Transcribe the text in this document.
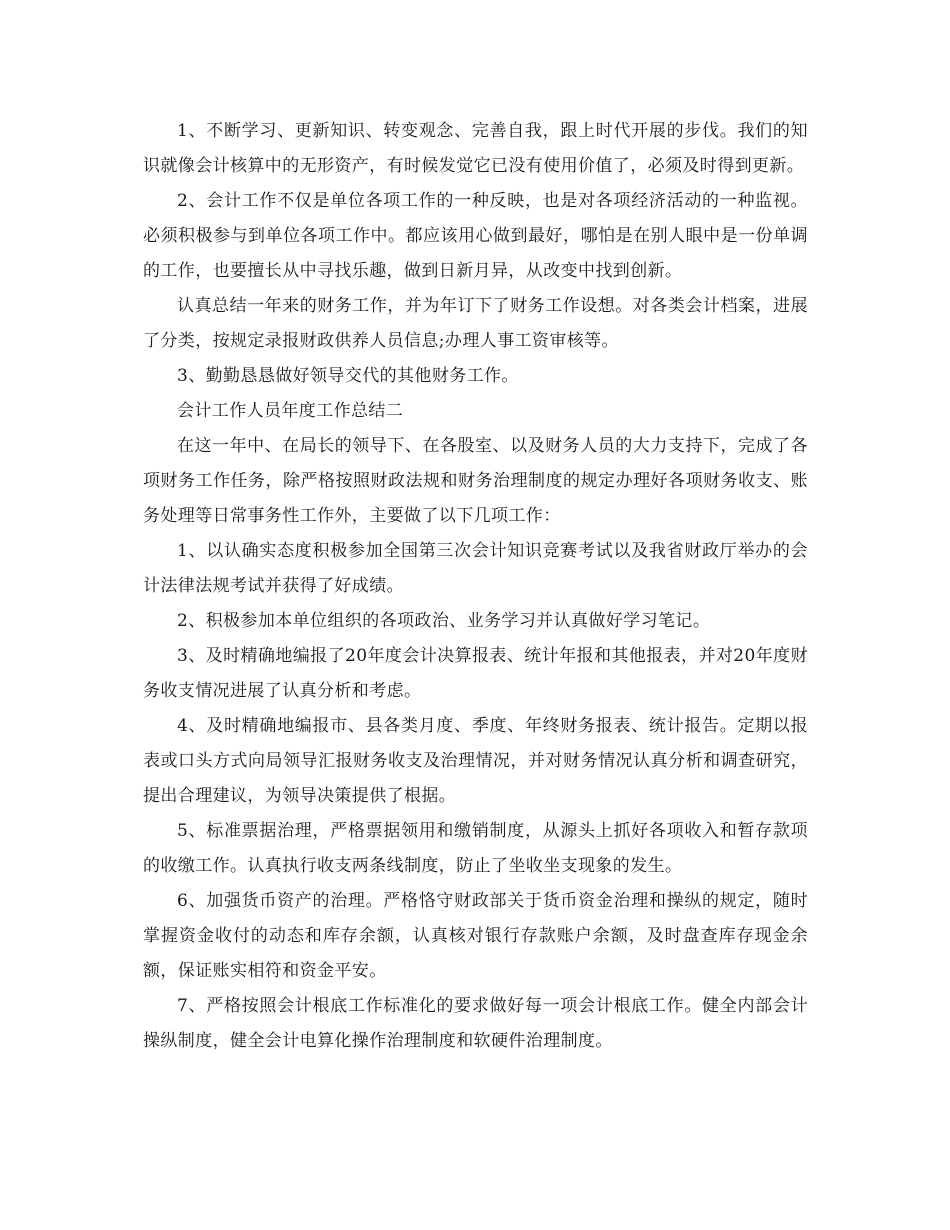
1、不断学习、更新知识、转变观念、完善自我，跟上时代开展的步伐。我们的知识就像会计核算中的无形资产，有时候发觉它已没有使用价值了，必须及时得到更新。

2、会计工作不仅是单位各项工作的一种反映，也是对各项经济活动的一种监视。必须积极参与到单位各项工作中。都应该用心做到最好，哪怕是在别人眼中是一份单调的工作，也要擅长从中寻找乐趣，做到日新月异，从改变中找到创新。

认真总结一年来的财务工作，并为年订下了财务工作设想。对各类会计档案，进展了分类，按规定录报财政供养人员信息;办理人事工资审核等。

3、勤勤恳恳做好领导交代的其他财务工作。

会计工作人员年度工作总结二

在这一年中、在局长的领导下、在各股室、以及财务人员的大力支持下，完成了各项财务工作任务，除严格按照财政法规和财务治理制度的规定办理好各项财务收支、账务处理等日常事务性工作外，主要做了以下几项工作：

1、以认确实态度积极参加全国第三次会计知识竞赛考试以及我省财政厅举办的会计法律法规考试并获得了好成绩。

2、积极参加本单位组织的各项政治、业务学习并认真做好学习笔记。

3、及时精确地编报了20年度会计决算报表、统计年报和其他报表，并对20年度财务收支情况进展了认真分析和考虑。

4、及时精确地编报市、县各类月度、季度、年终财务报表、统计报告。定期以报表或口头方式向局领导汇报财务收支及治理情况，并对财务情况认真分析和调查研究，提出合理建议，为领导决策提供了根据。

5、标准票据治理，严格票据领用和缴销制度，从源头上抓好各项收入和暂存款项的收缴工作。认真执行收支两条线制度，防止了坐收坐支现象的发生。

6、加强货币资产的治理。严格恪守财政部关于货币资金治理和操纵的规定，随时掌握资金收付的动态和库存余额，认真核对银行存款账户余额，及时盘查库存现金余额，保证账实相符和资金平安。

7、严格按照会计根底工作标准化的要求做好每一项会计根底工作。健全内部会计操纵制度，健全会计电算化操作治理制度和软硬件治理制度。
